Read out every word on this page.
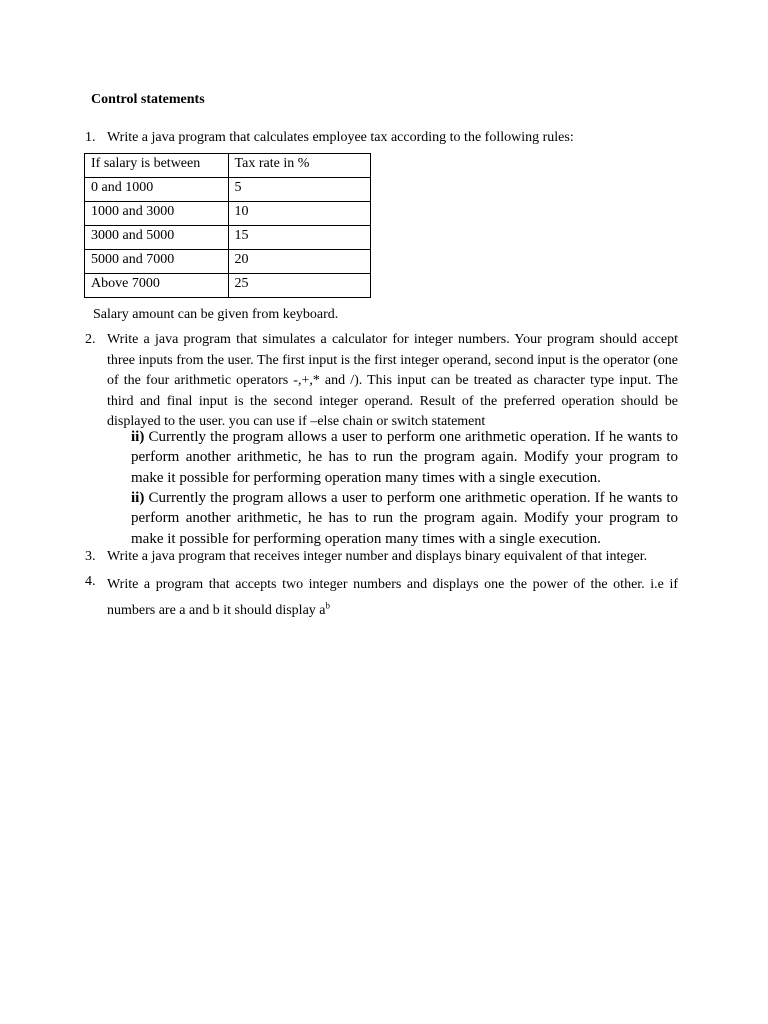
Control statements
1. Write a java program that calculates employee tax according to the following rules:
If salary is between	Tax rate in %
0 and 1000	5
1000 and 3000	10
3000 and 5000	15
5000 and 7000	20
Above 7000	25
Salary amount can be given from keyboard.
2. Write a java program that simulates a calculator for integer numbers. Your program should accept three inputs from the user. The first input is the first integer operand, second input is the operator (one of the four arithmetic operators -,+,* and /). This input can be treated as character type input. The third and final input is the second integer operand. Result of the preferred operation should be displayed to the user. you can use if –else chain or switch statement
ii) Currently the program allows a user to perform one arithmetic operation. If he wants to perform another arithmetic, he has to run the program again. Modify your program to make it possible for performing operation many times with a single execution.
ii) Currently the program allows a user to perform one arithmetic operation. If he wants to perform another arithmetic, he has to run the program again. Modify your program to make it possible for performing operation many times with a single execution.
3. Write a java program that receives integer number and displays binary equivalent of that integer.
4. Write a program that accepts two integer numbers and displays one the power of the other. i.e if numbers are a and b it should display $a^b$
